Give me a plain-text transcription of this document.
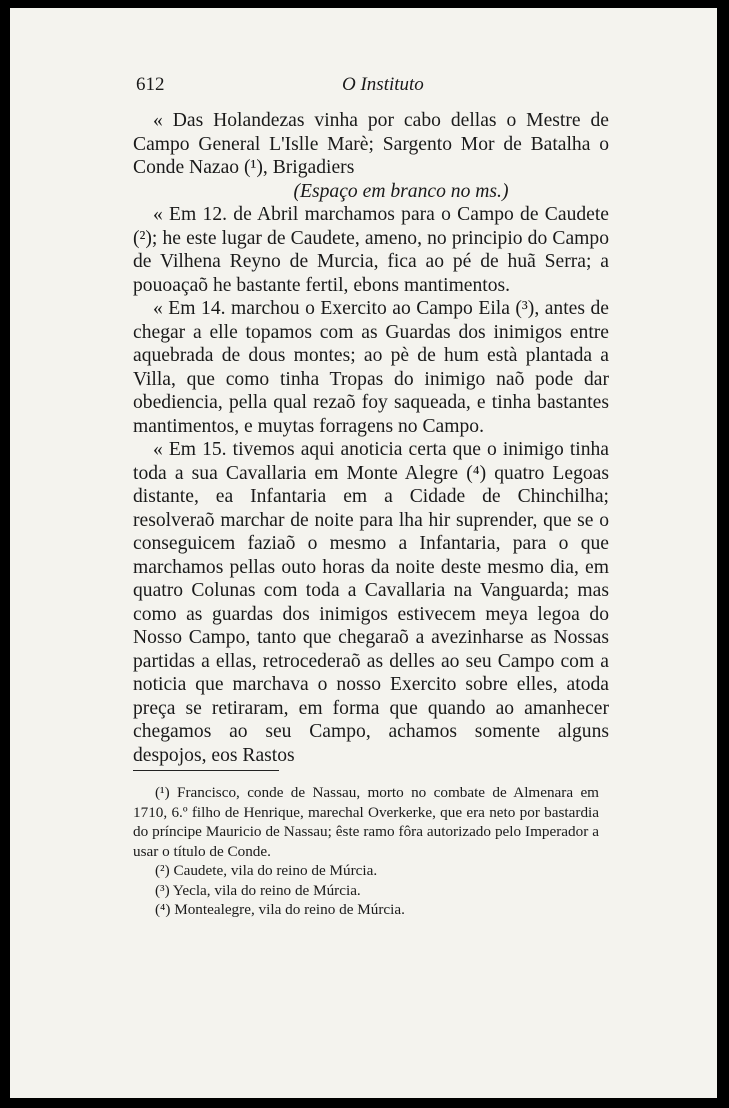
612	O Instituto

« Das Holandezas vinha por cabo dellas o Mestre de Campo General L'Islle Marè; Sargento Mor de Batalha o Conde Nazao (¹), Brigadiers

(Espaço em branco no ms.)

« Em 12. de Abril marchamos para o Campo de Caudete (²); he este lugar de Caudete, ameno, no principio do Campo de Vilhena Reyno de Murcia, fica ao pé de huã Serra; a pouoaçaõ he bastante fertil, ebons mantimentos.

« Em 14. marchou o Exercito ao Campo Eila (³), antes de chegar a elle topamos com as Guardas dos inimigos entre aquebrada de dous montes; ao pè de hum està plantada a Villa, que como tinha Tropas do inimigo naõ pode dar obediencia, pella qual rezaõ foy saqueada, e tinha bastantes mantimentos, e muytas forragens no Campo.

« Em 15. tivemos aqui anoticia certa que o inimigo tinha toda a sua Cavallaria em Monte Alegre (⁴) quatro Legoas distante, ea Infantaria em a Cidade de Chinchilha; resolveraõ marchar de noite para lha hir suprender, que se o conseguicem faziaõ o mesmo a Infantaria, para o que marchamos pellas outo horas da noite deste mesmo dia, em quatro Colunas com toda a Cavallaria na Vanguarda; mas como as guardas dos inimigos estivecem meya legoa do Nosso Campo, tanto que chegaraõ a avezinharse as Nossas partidas a ellas, retrocederaõ as delles ao seu Campo com a noticia que marchava o nosso Exercito sobre elles, atoda preça se retiraram, em forma que quando ao amanhecer chegamos ao seu Campo, achamos somente alguns despojos, eos Rastos

(¹) Francisco, conde de Nassau, morto no combate de Almenara em 1710, 6.º filho de Henrique, marechal Overkerke, que era neto por bastardia do príncipe Mauricio de Nassau; êste ramo fôra autorizado pelo Imperador a usar o título de Conde.

(²) Caudete, vila do reino de Múrcia.

(³) Yecla, vila do reino de Múrcia.

(⁴) Montealegre, vila do reino de Múrcia.
